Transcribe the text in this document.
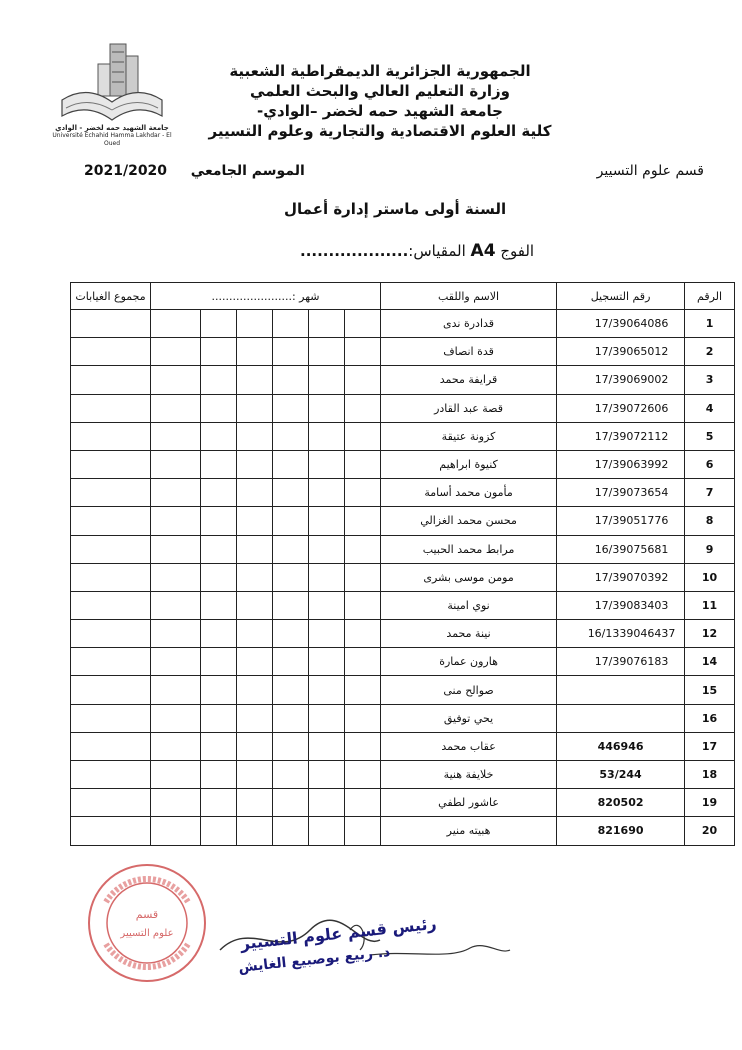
جامعة الشهيد حمه لخضر - الوادي
Université Echahid Hamma Lakhdar - El Oued
الجمهورية الجزائرية الديمقراطية الشعبية
وزارة التعليم العالي والبحث العلمي
جامعة الشهيد حمه لخضر –الوادي-
كلية العلوم الاقتصادية والتجارية وعلوم التسيير
قسم علوم التسيير
الموسم الجامعي  2021/2020
السنة أولى ماستر إدارة أعمال
الفوج A4 المقياس:...................
الرقم	رقم التسجيل	الاسم واللقب	شهر :.......................						مجموع الغيابات
1	17/39064086	قدادرة ندى							
2	17/39065012	قدة انصاف							
3	17/39069002	قرايفة محمد							
4	17/39072606	قصة عبد القادر							
5	17/39072112	كزونة عتيقة							
6	17/39063992	كنيوة ابراهيم							
7	17/39073654	مأمون محمد أسامة							
8	17/39051776	محسن محمد الغزالي							
9	16/39075681	مرابط محمد الحبيب							
10	17/39070392	مومن موسى بشرى							
11	17/39083403	نوي امينة							
12	16/1339046437	نينة محمد							
14	17/39076183	هارون عمارة							
15		صوالح منى							
16		يحي توفيق							
17	446946	عقاب محمد							
18	53/244	خلايفة هنية							
19	820502	عاشور لطفي							
20	821690	هبيته منير							
قسم
علوم التسيير	رئيس قسم علوم التسيير
د. ربيع بوصبيع الغايش
